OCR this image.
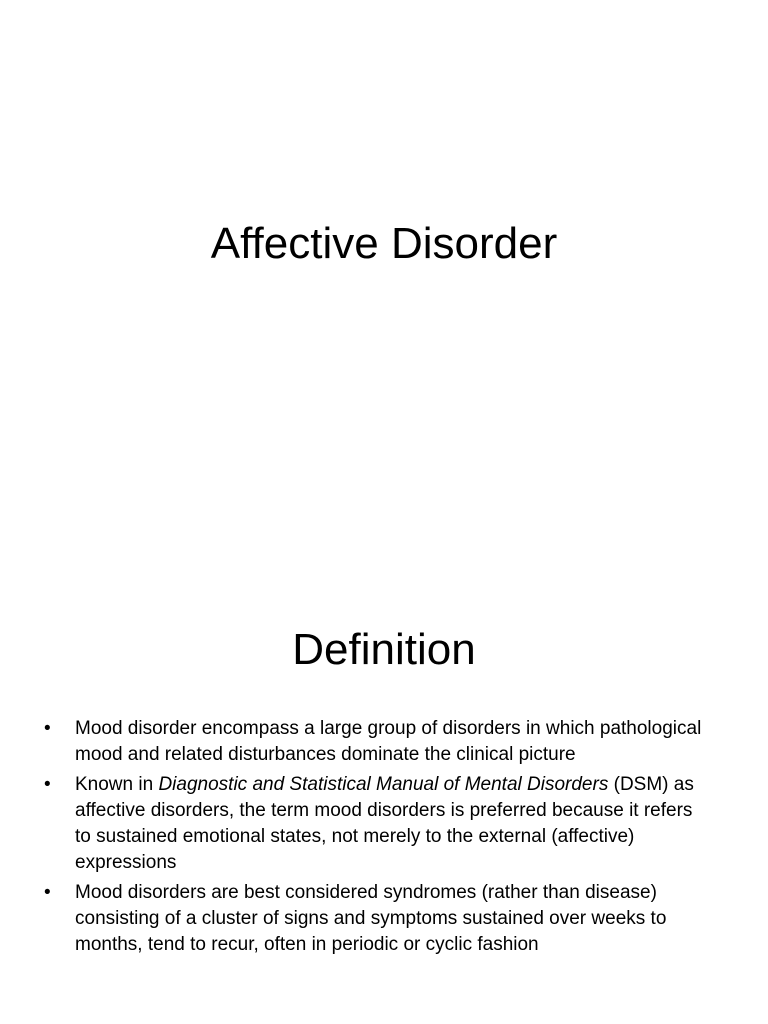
Affective Disorder
Definition
• Mood disorder encompass a large group of disorders in which pathological mood and related disturbances dominate the clinical picture
• Known in Diagnostic and Statistical Manual of Mental Disorders (DSM) as affective disorders, the term mood disorders is preferred because it refers to sustained emotional states, not merely to the external (affective) expressions
• Mood disorders are best considered syndromes (rather than disease) consisting of a cluster of signs and symptoms sustained over weeks to months, tend to recur, often in periodic or cyclic fashion
